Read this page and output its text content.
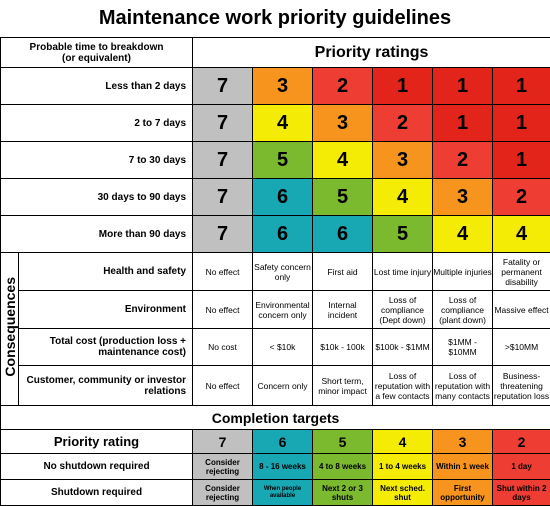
Maintenance work priority guidelines
Probable time to breakdown
(or equivalent)		Priority ratings						
Less than 2 days		7	3	2	1	1	1	
2 to 7 days		7	4	3	2	1	1	
7 to 30 days		7	5	4	3	2	1	
30 days to 90 days		7	6	5	4	3	2	
More than 90 days		7	6	6	5	4	4	
Consequences	Health and safety	No effect	Safety concern only	First aid	Lost time injury	Multiple injuries	Fatality or permanent disability	
	Environment	No effect	Environmental concern only	Internal incident	Loss of compliance (Dept down)	Loss of compliance (plant down)	Massive effect	
	Total cost (production loss + maintenance cost)	No cost	< $10k	$10k - 100k	$100k - $1MM	$1MM - $10MM	>$10MM	
	Customer, community or investor relations	No effect	Concern only	Short term, minor impact	Loss of reputation with a few contacts	Loss of reputation with many contacts	Business-threatening reputation loss	
Completion targets								
Priority rating		7	6	5	4	3	2	
No shutdown required		Consider rejecting	8 - 16 weeks	4 to 8 weeks	1 to 4 weeks	Within 1 week	1 day	
Shutdown required		Consider rejecting	When people available	Next 2 or 3 shuts	Next sched. shut	First opportunity	Shut within 2 days	
